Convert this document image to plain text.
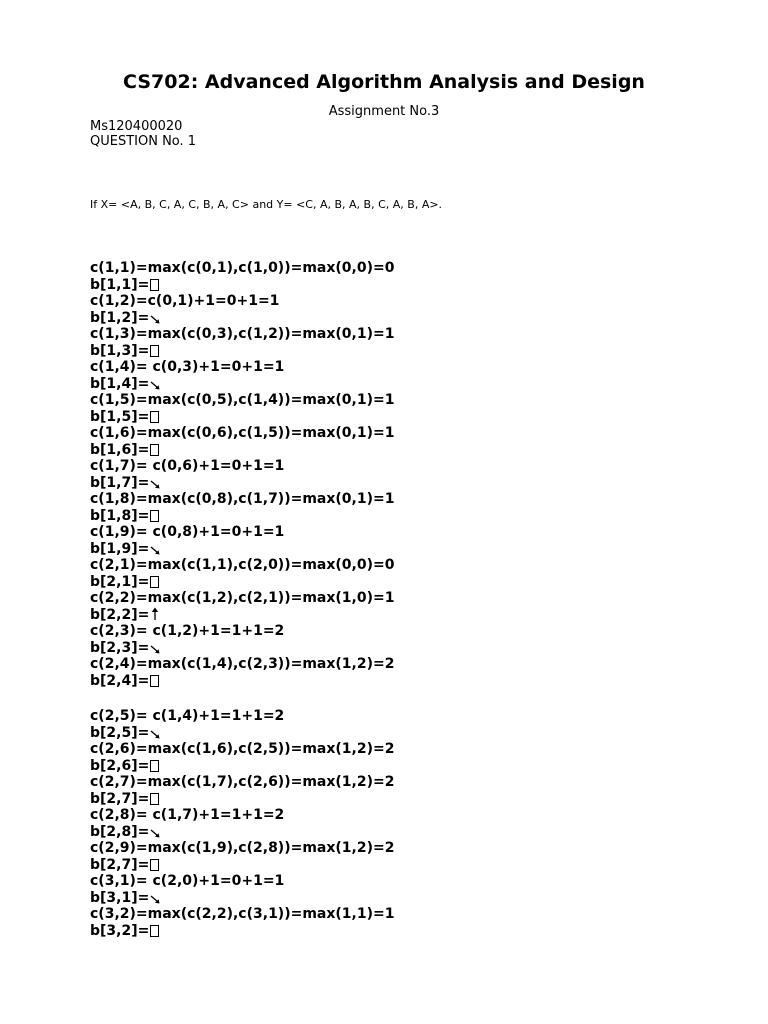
CS702: Advanced Algorithm Analysis and Design
Assignment No.3
Ms120400020
QUESTION No. 1
If X= <A, B, C, A, C, B, A, C> and Y= <C, A, B, A, B, C, A, B, A>.
c(1,1)=max(c(0,1),c(1,0))=max(0,0)=0
b[1,1]=
c(1,2)=c(0,1)+1=0+1=1
b[1,2]=
c(1,3)=max(c(0,3),c(1,2))=max(0,1)=1
b[1,3]=
c(1,4)= c(0,3)+1=0+1=1
b[1,4]=
c(1,5)=max(c(0,5),c(1,4))=max(0,1)=1
b[1,5]=
c(1,6)=max(c(0,6),c(1,5))=max(0,1)=1
b[1,6]=
c(1,7)= c(0,6)+1=0+1=1
b[1,7]=
c(1,8)=max(c(0,8),c(1,7))=max(0,1)=1
b[1,8]=
c(1,9)= c(0,8)+1=0+1=1
b[1,9]=
c(2,1)=max(c(1,1),c(2,0))=max(0,0)=0
b[2,1]=
c(2,2)=max(c(1,2),c(2,1))=max(1,0)=1
b[2,2]=
c(2,3)= c(1,2)+1=1+1=2
b[2,3]=
c(2,4)=max(c(1,4),c(2,3))=max(1,2)=2
b[2,4]=
c(2,5)= c(1,4)+1=1+1=2
b[2,5]=
c(2,6)=max(c(1,6),c(2,5))=max(1,2)=2
b[2,6]=
c(2,7)=max(c(1,7),c(2,6))=max(1,2)=2
b[2,7]=
c(2,8)= c(1,7)+1=1+1=2
b[2,8]=
c(2,9)=max(c(1,9),c(2,8))=max(1,2)=2
b[2,7]=
c(3,1)= c(2,0)+1=0+1=1
b[3,1]=
c(3,2)=max(c(2,2),c(3,1))=max(1,1)=1
b[3,2]=
